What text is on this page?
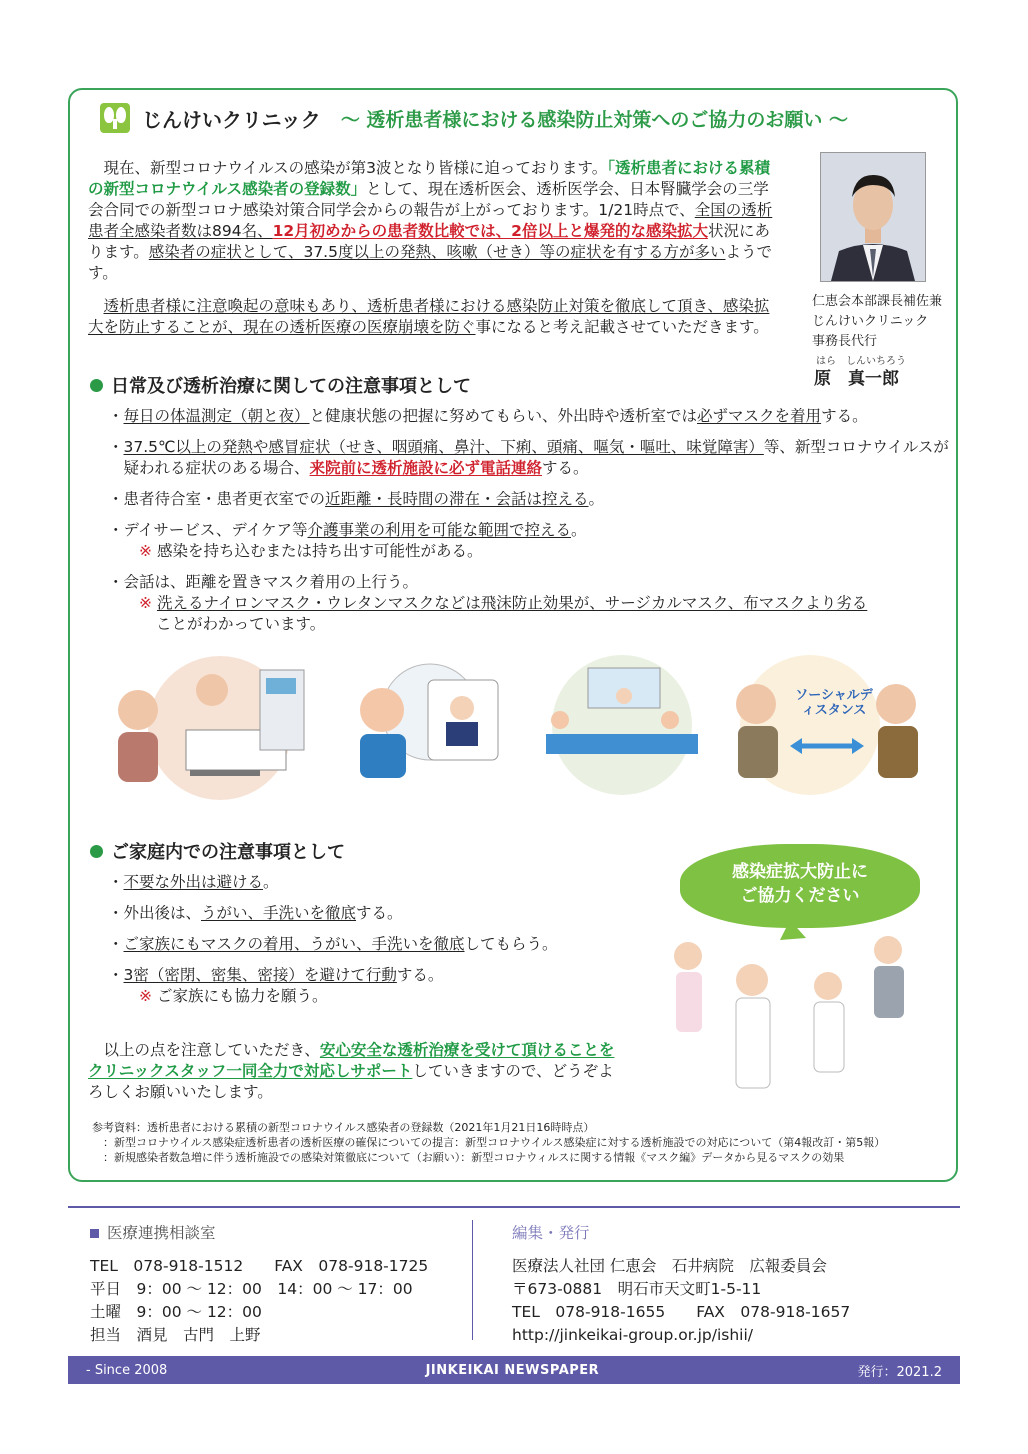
じんけいクリニック ～ 透析患者様における感染防止対策へのご協力のお願い ～

現在、新型コロナウイルスの感染が第3波となり皆様に迫っております。「透析患者における累積の新型コロナウイルス感染者の登録数」として、現在透析医会、透析医学会、日本腎臓学会の三学会合同での新型コロナ感染対策合同学会からの報告が上がっております。1/21時点で、全国の透析患者全感染者数は894名、12月初めからの患者数比較では、2倍以上と爆発的な感染拡大状況にあります。感染者の症状として、37.5度以上の発熱、咳嗽（せき）等の症状を有する方が多いようです。

透析患者様に注意喚起の意味もあり、透析患者様における感染防止対策を徹底して頂き、感染拡大を防止することが、現在の透析医療の医療崩壊を防ぐ事になると考え記載させていただきます。

仁恵会本部課長補佐兼
じんけいクリニック
事務長代行
はら　しんいちろう
原　真一郎
日常及び透析治療に関しての注意事項として
・毎日の体温測定（朝と夜）と健康状態の把握に努めてもらい、外出時や透析室では必ずマスクを着用する。
・37.5℃以上の発熱や感冒症状（せき、咽頭痛、鼻汁、下痢、頭痛、嘔気・嘔吐、味覚障害）等、新型コロナウイルスが疑われる症状のある場合、来院前に透析施設に必ず電話連絡する。
・患者待合室・患者更衣室での近距離・長時間の滞在・会話は控える。
・デイサービス、デイケア等介護事業の利用を可能な範囲で控える。
※ 感染を持ち込むまたは持ち出す可能性がある。
・会話は、距離を置きマスク着用の上行う。
※ 洗えるナイロンマスク・ウレタンマスクなどは飛沫防止効果が、サージカルマスク、布マスクより劣る
ことがわかっています。
ソーシャルディスタンス
ご家庭内での注意事項として
・不要な外出は避ける。
・外出後は、うがい、手洗いを徹底する。
・ご家族にもマスクの着用、うがい、手洗いを徹底してもらう。
・3密（密閉、密集、密接）を避けて行動する。
※ ご家族にも協力を願う。
感染症拡大防止に
ご協力ください

以上の点を注意していただき、安心安全な透析治療を受けて頂けることをクリニックスタッフ一同全力で対応しサポートしていきますので、どうぞよろしくお願いいたします。

参考資料：透析患者における累積の新型コロナウイルス感染者の登録数（2021年1月21日16時時点）
　：新型コロナウイルス感染症透析患者の透析医療の確保についての提言：新型コロナウイルス感染症に対する透析施設での対応について（第4報改訂・第5報）
　：新規感染者数急増に伴う透析施設での感染対策徹底について（お願い）：新型コロナウィルスに関する情報《マスク編》データから見るマスクの効果
医療連携相談室
TEL　078-918-1512　　FAX　078-918-1725
平日　9：00 ～ 12：00　14：00 ～ 17：00
土曜　9：00 ～ 12：00
担当　酒見　古門　上野
編集・発行
医療法人社団 仁恵会　石井病院　広報委員会
〒673-0881　明石市天文町1-5-11
TEL　078-918-1655　　FAX　078-918-1657
http://jinkeikai-group.or.jp/ishii/
- Since 2008	JINKEIKAI NEWSPAPER	発行：2021.2
